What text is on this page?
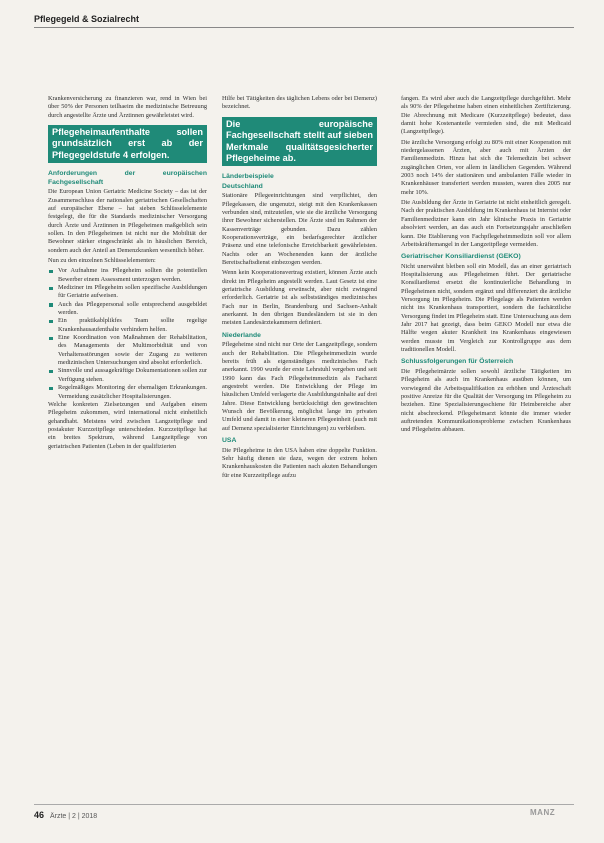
Pflegegeld & Sozialrecht

Krankenversicherung zu finanzieren war, rend in Wien bei über 50% der Personen teilhaeim die medizinische Betreuung durch angestellte Ärzte und Ärztinnen gewährleistet wird.

Pflegeheimaufenthalte sollen grundsätzlich erst ab der Pflegegeldstufe 4 erfolgen.
Anforderungen der europäischen Fachgesellschaft

Die European Union Geriatric Medicine Society – das ist der Zusammenschluss der nationalen geriatrischen Gesellschaften auf europäischer Ebene – hat sieben Schlüsselelemente festgelegt, die für die Standards medizinischer Versorgung durch Ärzte und Ärztinnen in Pflegeheimen maßgeblich sein sollen. In den Pflegeheimen ist nicht nur die Mobilität der Bewohner stärker eingeschränkt als in häuslichen Bereich, sondern auch der Anteil an Demenzkranken wesentlich höher.

Nun zu den einzelnen Schlüsselelementen:

Vor Aufnahme ins Pflegeheim sollten die potentiellen Bewerber einem Assessment unterzogen werden.
Mediziner im Pflegeheim sollen spezifische Ausbildungen für Geriatrie aufweisen.
Auch das Pflegepersonal solle entsprechend ausgebildet werden.
Ein praktikablplikfes Team sollte regelige Krankenhausaufenthalte verhindern helfen.
Eine Koordination von Maßnahmen der Rehabilitation, des Managements der Multimorbidität und von Verhaltensstörungen sowie der Zugang zu weiteren medizinischen Untersuchungen sind absolut erforderlich.
Sinnvolle und aussagekräftige Dokumentationen sollen zur Verfügung stehen.
Regelmäßiges Monitoring der ehemaligen Erkrankungen. Vermeidung zusätzlicher Hospitalisierungen.

Welche konkreten Zielsetzungen und Aufgaben einem Pflegeheim zukommen, wird international nicht einheitlich gehandhabt. Meistens wird zwischen Langzeitpflege und postakuter Kurzzeitpflege unterschieden. Kurzzeitpflege hat ein breites Spektrum, während Langzeitpflege von geriatrischen Patienten (Leben in der qualifizierten

Hilfe bei Tätigkeiten des täglichen Lebens oder bei Demenz) bezeichnet.

Die europäische Fachgesellschaft stellt auf sieben Merkmale qualitätsgesicherter Pflegeheime ab.
Länderbeispiele
Deutschland

Stationäre Pflegeeinrichtungen sind verpflichtet, den Pflegekassen, die ungenutzt, steigt mit den Krankenkassen verbunden sind, mitzuteilen, wie sie die ärztliche Versorgung ihrer Bewohner sicherstellen. Die Ärzte sind im Rahmen der Kassenverträge gebunden. Dazu zählen Kooperationsverträge, ein bedarfsgerechter ärztlicher Präsenz und eine telefonische Erreichbarkeit gewährleisten. Nachts oder an Wochenenden kann der ärztliche Bereitschaftsdienst einbezogen werden.

Wenn kein Kooperationsvertrag existiert, können Ärzte auch direkt im Pflegeheim angestellt werden. Laut Gesetz ist eine geriatrische Ausbildung erwünscht, aber nicht zwingend erforderlich. Geriatrie ist als selbstständiges medizinisches Fach nur in Berlin, Brandenburg und Sachsen-Anhalt anerkannt. In den übrigen Bundesländern ist sie in den meisten Landesärztekammern definiert.

Niederlande

Pflegeheime sind nicht nur Orte der Langzeitpflege, sondern auch der Rehabilitation. Die Pflegeheimmedizin wurde bereits früh als eigenständiges medizinisches Fach anerkannt. 1990 wurde der erste Lehrstuhl vergeben und seit 1990 kann das Fach Pflegeheimmedizin als Facharzt angestrebt werden. Die Entwicklung der Pflege im häuslichen Umfeld verlagerte die Ausbildungsinhalte auf drei Jahre. Diese Entwicklung berücksichtigt den gewünschten Wunsch der Bevölkerung, möglichst lange im privaten Umfeld und damit in einer kleineren Pflegeeinheit (auch mit auf Demenz spezialisierter Einrichtungen) zu verbleiben.

USA

Die Pflegeheime in den USA haben eine doppelte Funktion. Sehr häufig dienen sie dazu, wegen der extrem hohen Krankenhauskosten die Patienten nach akuten Behandlungen für eine Kurzzeitpflege aufzu

fangen. Es wird aber auch die Langzeitpflege durchgeführt. Mehr als 90% der Pflegeheime haben einen einheitlichen Zertifizierung. Die Abrechnung mit Medicare (Kurzzeitpflege) bedeutet, dass damit hohe Kostenanteile vermieden sind, die mit Medicaid (Langzeitpflege).

Die ärztliche Versorgung erfolgt zu 80% mit einer Kooperation mit niedergelassenen Ärzten, aber auch mit Ärzten der Familienmedizin. Hinzu hat sich die Telemedizin bei schwer zugänglichen Orten, vor allem in ländlichen Gegenden. Während 2003 noch 14% der stationären und ambulanten Fälle wieder in Krankenhäuser transferiert werden mussten, waren dies 2005 nur mehr 10%.

Die Ausbildung der Ärzte in Geriatrie ist nicht einheitlich geregelt. Nach der praktischen Ausbildung im Krankenhaus ist Internist oder Familienmediziner kann ein Jahr klinische Praxis in Geriatrie absolviert werden, an das auch ein Fortsetzungsjahr anschließen kann. Die Etablierung von Fachpflegeheimmedizin soll vor allem Arbeitskräftemangel in der Langzeitpflege vermeiden.

Geriatrischer Konsiliardienst (GEKO)

Nicht unerwähnt bleiben soll ein Modell, das an einer geriatrisch Hospitalisierung aus Pflegeheimen führt. Der geriatrische Konsiliardienst ersetzt die kontinuierliche Behandlung in Pflegeheimen nicht, sondern ergänzt und differenziert die ärztliche Versorgung im Pflegeheim. Die Pflegelage als Patienten werden nicht ins Krankenhaus transportiert, sondern die fachärztliche Versorgung findet im Pflegeheim statt. Eine Untersuchung aus dem Jahr 2017 hat gezeigt, dass beim GEKO Modell nur etwa die Hälfte wegen akuter Krankheit ins Krankenhaus eingewiesen werden musste im Vergleich zur Kontrollgruppe aus dem traditionellen Modell.

Schlussfolgerungen für Österreich

Die Pflegeheimärzte sollen sowohl ärztliche Tätigkeiten im Pflegeheim als auch im Krankenhaus ausüben können, um vorwiegend die Arbeitsqualifikation zu erhöhen und Ärzteschaft positive Anreize für die Qualität der Versorgung im Pflegeheim zu beziehen. Eine Spezialisierungsschiene für Heimbereiche aber nicht abschreckend. Pflegeheimarzt könnte die immer wieder auftretenden Kommunikationsprobleme zwischen Krankenhaus und Pflegeheim abbauen.

46 Ärzte | 2 | 2018	MANZ
